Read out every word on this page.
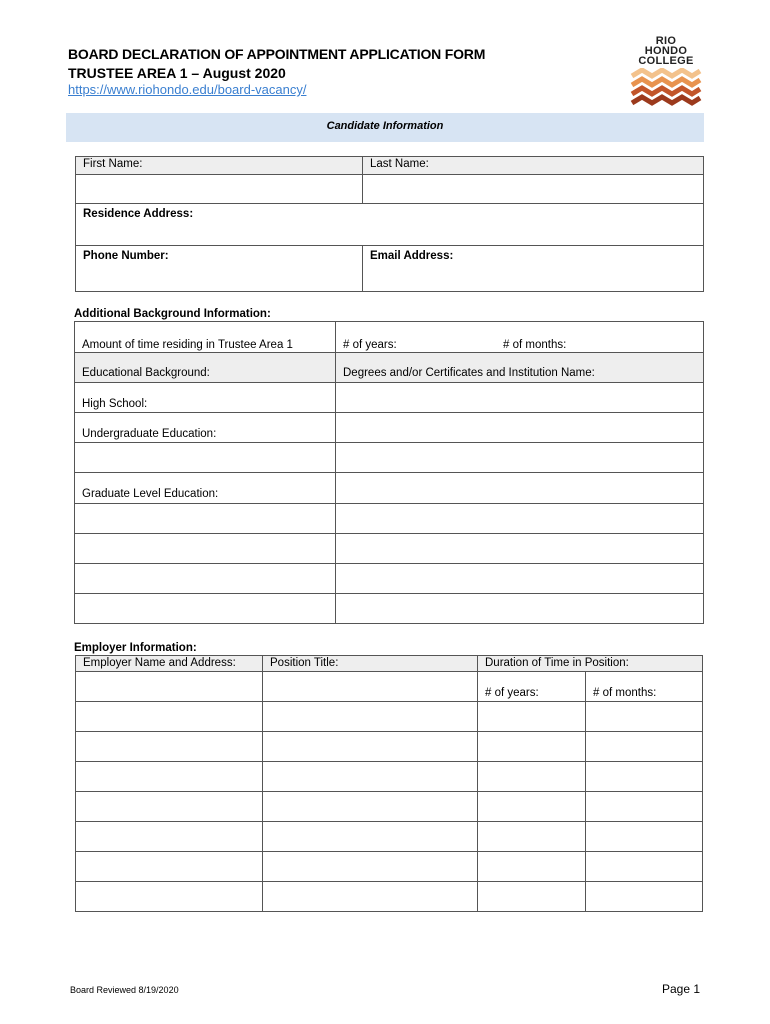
BOARD DECLARATION OF APPOINTMENT APPLICATION FORM
TRUSTEE AREA 1 – August 2020
https://www.riohondo.edu/board-vacancy/
RIO
HONDO
COLLEGE
Candidate Information
First Name:	Last Name:

Residence Address:	
Phone Number:	Email Address:
Additional Background Information:
Amount of time residing in Trustee Area 1	# of years: # of months:

Educational Background:	Degrees and/or Certificates and Institution Name:
High School:	
Undergraduate Education:	

Graduate Level Education:	

Employer Information:
Employer Name and Address:	Position Title:	Duration of Time in Position:	
		# of years:	# of months:

Board Reviewed 8/19/2020	Page 1
